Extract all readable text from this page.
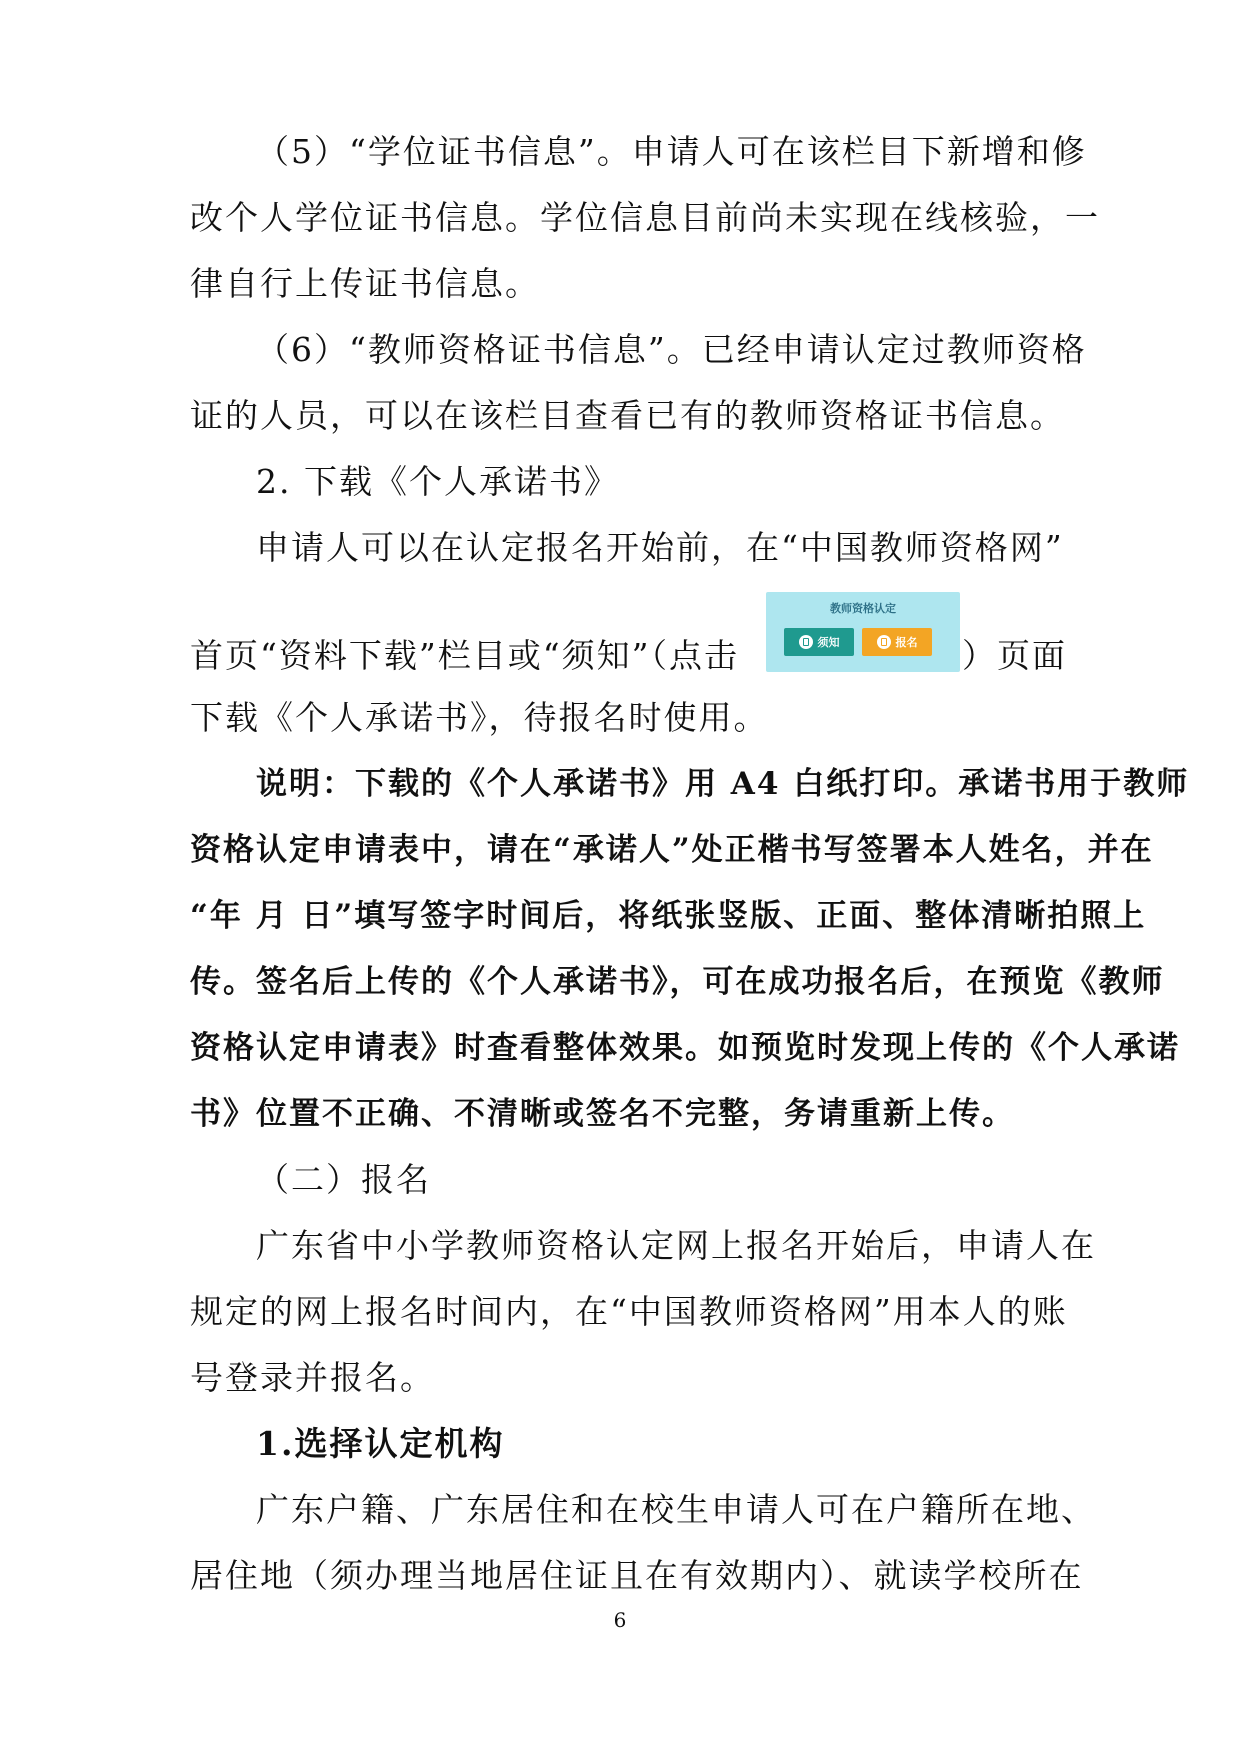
（5）“学位证书信息”。申请人可在该栏目下新增和修
改个人学位证书信息。学位信息目前尚未实现在线核验，一
律自行上传证书信息。
（6）“教师资格证书信息”。已经申请认定过教师资格
证的人员，可以在该栏目查看已有的教师资格证书信息。
2. 下载《个人承诺书》
申请人可以在认定报名开始前，在“中国教师资格网”
首页“资料下载”栏目或“须知”（点击
教师资格认定
须知	报名 ）页面
下载《个人承诺书》，待报名时使用。
说明：下载的《个人承诺书》用 A4 白纸打印。承诺书用于教师
资格认定申请表中，请在“承诺人”处正楷书写签署本人姓名，并在
“年 月 日”填写签字时间后，将纸张竖版、正面、整体清晰拍照上
传。签名后上传的《个人承诺书》，可在成功报名后，在预览《教师
资格认定申请表》时查看整体效果。如预览时发现上传的《个人承诺
书》位置不正确、不清晰或签名不完整，务请重新上传。
（二）报名
广东省中小学教师资格认定网上报名开始后，申请人在
规定的网上报名时间内，在“中国教师资格网”用本人的账
号登录并报名。
1.选择认定机构
广东户籍、广东居住和在校生申请人可在户籍所在地、
居住地（须办理当地居住证且在有效期内）、就读学校所在
6
